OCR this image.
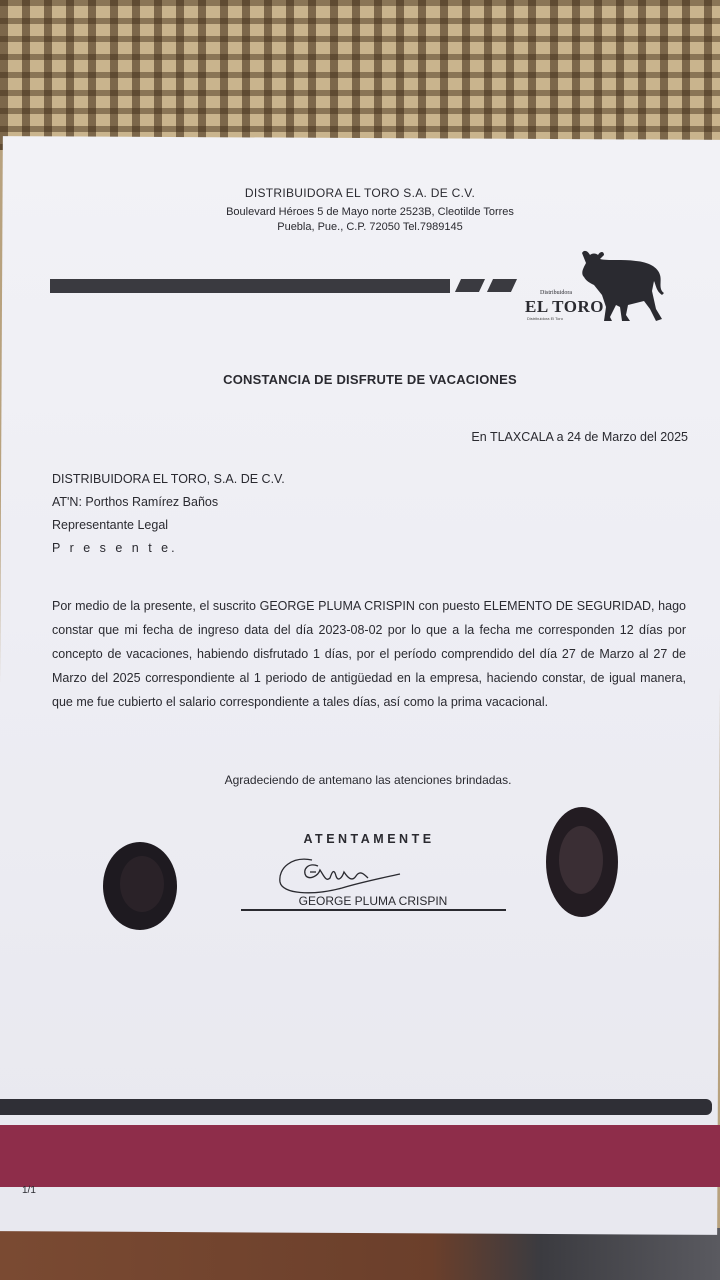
DISTRIBUIDORA EL TORO S.A. DE C.V.
Boulevard Héroes 5 de Mayo norte 2523B, Cleotilde Torres
Puebla, Pue., C.P. 72050 Tel.7989145
Distribuidora
EL TORO
Distribuidora El Toro
CONSTANCIA DE DISFRUTE DE VACACIONES
En TLAXCALA a 24 de Marzo del 2025
DISTRIBUIDORA EL TORO, S.A. DE C.V.
AT'N: Porthos Ramírez Baños
Representante Legal
P r e s e n t e.
Por medio de la presente, el suscrito GEORGE PLUMA CRISPIN con puesto ELEMENTO DE SEGURIDAD, hago constar que mi fecha de ingreso data del día 2023-08-02 por lo que a la fecha me corresponden 12 días por concepto de vacaciones, habiendo disfrutado 1 días, por el período comprendido del día 27 de Marzo al 27 de Marzo del 2025 correspondiente al 1 periodo de antigüedad en la empresa, haciendo constar, de igual manera, que me fue cubierto el salario correspondiente a tales días, así como la prima vacacional.
Agradeciendo de antemano las atenciones brindadas.
ATENTAMENTE
GEORGE PLUMA CRISPIN
1/1
